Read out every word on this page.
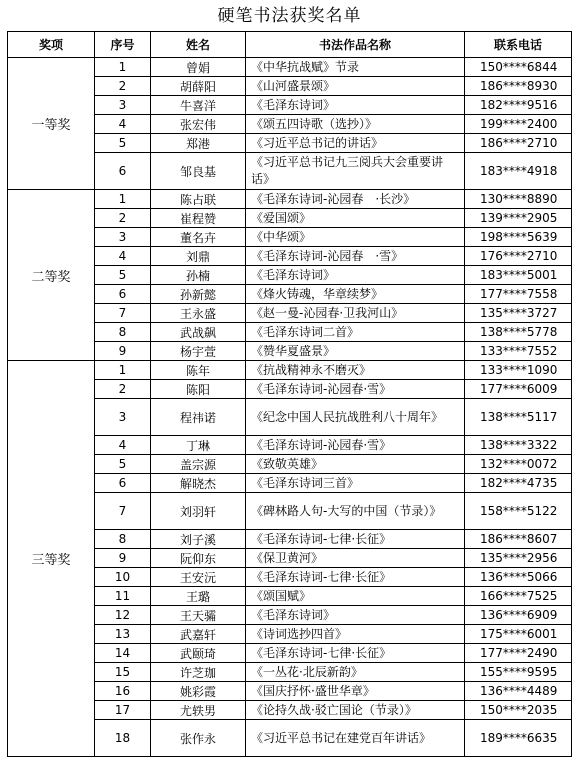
硬笔书法获奖名单
奖项	序号	姓名	书法作品名称	联系电话
一等奖	1	曾娟	《中华抗战赋》节录	150****6844
	2	胡薛阳	《山河盛景颂》	186****8930
	3	牛喜洋	《毛泽东诗词》	182****9516
	4	张宏伟	《颂五四诗歌（选抄）》	199****2400
	5	郑港	《习近平总书记的讲话》	186****2710
	6	邹良基	《习近平总书记九三阅兵大会重要讲话》	183****4918
二等奖	1	陈占联	《毛泽东诗词-沁园春　·长沙》	130****8890
	2	崔程赞	《爱国颂》	139****2905
	3	董名卉	《中华颂》	198****5639
	4	刘鼎	《毛泽东诗词-沁园春　·雪》	176****2710
	5	孙楠	《毛泽东诗词》	183****5001
	6	孙新懿	《烽火铸魂，华章续梦》	177****7558
	7	王永盛	《赵一曼-沁园春·卫我河山》	135****3727
	8	武战飙	《毛泽东诗词二首》	138****5778
	9	杨宇萱	《赞华夏盛景》	133****7552
三等奖	1	陈年	《抗战精神永不磨灭》	133****1090
	2	陈阳	《毛泽东诗词-沁园春·雪》	177****6009
	3	程祎诺	《纪念中国人民抗战胜利八十周年》	138****5117
	4	丁琳	《毛泽东诗词-沁园春·雪》	138****3322
	5	盖宗源	《致敬英雄》	132****0072
	6	解晓杰	《毛泽东诗词三首》	182****4735
	7	刘羽轩	《碑林路人句-大写的中国（节录）》	158****5122
	8	刘子溪	《毛泽东诗词-七律·长征》	186****8607
	9	阮仰东	《保卫黄河》	135****2956
	10	王安沅	《毛泽东诗词-七律·长征》	136****5066
	11	王璐	《颂国赋》	166****7525
	12	王天骦	《毛泽东诗词》	136****6909
	13	武嘉轩	《诗词选抄四首》	175****6001
	14	武颐琦	《毛泽东诗词-七律·长征》	177****2490
	15	许芝珈	《一丛花·北辰新韵》	155****9595
	16	姚彩霞	《国庆抒怀·盛世华章》	136****4489
	17	尤轶男	《论持久战·驳亡国论（节录）》	150****2035
	18	张作永	《习近平总书记在建党百年讲话》	189****6635
